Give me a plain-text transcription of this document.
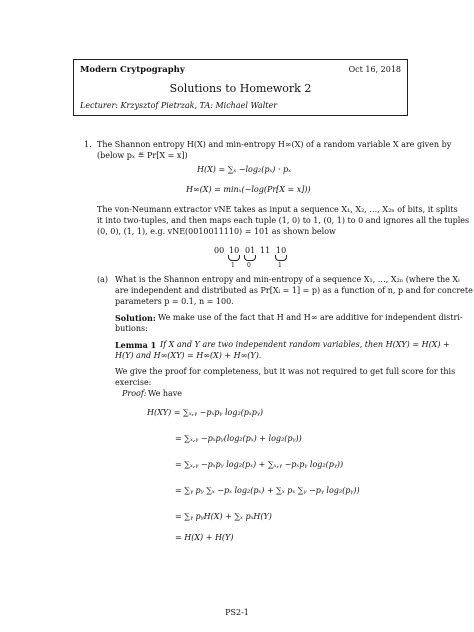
Modern Crytpography	Oct 16, 2018
Solutions to Homework 2
Lecturer: Krzysztof Pietrzak, TA: Michael Walter
1. The Shannon entropy H(X) and min-entropy H∞(X) of a random variable X are given by
(below pₓ ≝ Pr[X = x])
H(X) = ∑ₓ −log₂(pₓ) · pₓ
H∞(X) = minₓ(−log(Pr[X = x]))
The von-Neumann extractor vNE takes as input a sequence X₁, X₂, …, X₂ₙ of bits, it splits
it into two-tuples, and then maps each tuple (1, 0) to 1, (0, 1) to 0 and ignores all the tuples
(0, 0), (1, 1), e.g. vNE(0010011110) = 101 as shown below
00 10 01 11 10
1 0	1
(a) What is the Shannon entropy and min-entropy of a sequence X₁, …, X₂ₙ (where the Xᵢ
are independent and distributed as Pr[Xᵢ = 1] = p) as a function of n, p and for concrete
parameters p = 0.1, n = 100.
Solution: We make use of the fact that H and H∞ are additive for independent distri-
butions:
Lemma 1 If X and Y are two independent random variables, then H(XY) = H(X) +
H(Y) and H∞(XY) = H∞(X) + H∞(Y).
We give the proof for completeness, but it was not required to get full score for this
exercise:
Proof: We have
H(XY) = ∑ₓ,ᵧ −pₓpᵧ log₂(pₓpᵧ)
= ∑ₓ,ᵧ −pₓpᵧ(log₂(pₓ) + log₂(pᵧ))
= ∑ₓ,ᵧ −pₓpᵧ log₂(pₓ) + ∑ₓ,ᵧ −pₓpᵧ log₂(pᵧ))
= ∑ᵧ pᵧ ∑ₓ −pₓ log₂(pₓ) + ∑ₓ pₓ ∑ᵧ −pᵧ log₂(pᵧ))
= ∑ᵧ pᵧH(X) + ∑ₓ pₓH(Y)
= H(X) + H(Y)
PS2-1
